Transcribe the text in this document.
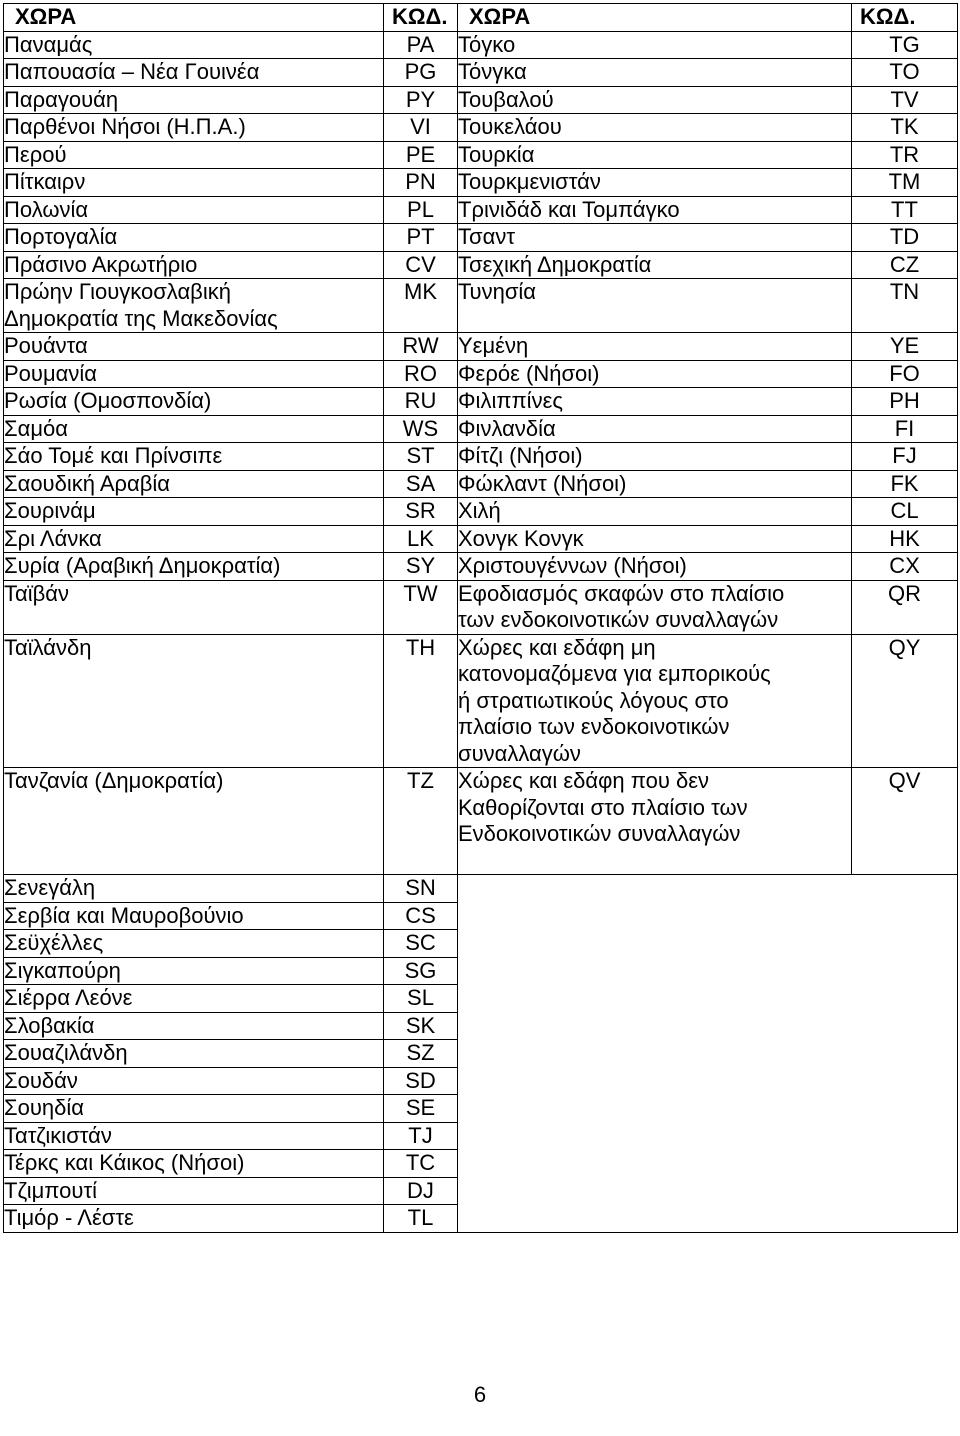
ΧΩΡΑ	ΚΩΔ.	ΧΩΡΑ	ΚΩΔ.
Παναμάς	PA	Τόγκο	TG
Παπουασία – Νέα Γουινέα	PG	Τόνγκα	TO
Παραγουάη	PY	Τουβαλού	TV
Παρθένοι Νήσοι (Η.Π.Α.)	VI	Τουκελάου	TK
Περού	PE	Τουρκία	TR
Πίτκαιρν	PN	Τουρκμενιστάν	TM
Πολωνία	PL	Τρινιδάδ και Τομπάγκο	TT
Πορτογαλία	PT	Τσαντ	TD
Πράσινο Ακρωτήριο	CV	Τσεχική Δημοκρατία	CZ
Πρώην Γιουγκοσλαβική
Δημοκρατία της Μακεδονίας	MK	Τυνησία	TN
Ρουάντα	RW	Υεμένη	YE
Ρουμανία	RO	Φερόε (Νήσοι)	FO
Ρωσία (Ομοσπονδία)	RU	Φιλιππίνες	PH
Σαμόα	WS	Φινλανδία	FI
Σάο Τομέ και Πρίνσιπε	ST	Φίτζι (Νήσοι)	FJ
Σαουδική Αραβία	SA	Φώκλαντ (Νήσοι)	FK
Σουρινάμ	SR	Χιλή	CL
Σρι Λάνκα	LK	Χονγκ Κονγκ	HK
Συρία (Αραβική Δημοκρατία)	SY	Χριστουγέννων (Νήσοι)	CX
Ταϊβάν	TW	Εφοδιασμός σκαφών στο πλαίσιο
των ενδοκοινοτικών συναλλαγών	QR
Ταϊλάνδη	TH	Χώρες και εδάφη μη
κατονομαζόμενα για εμπορικούς
ή στρατιωτικούς λόγους στο
πλαίσιο των ενδοκοινοτικών
συναλλαγών	QY
Τανζανία (Δημοκρατία)	TZ	Χώρες και εδάφη που δεν
Καθορίζονται στο πλαίσιο των
Ενδοκοινοτικών συναλλαγών	QV
Σενεγάλη	SN		
Σερβία και Μαυροβούνιο	CS		
Σεϋχέλλες	SC		
Σιγκαπούρη	SG		
Σιέρρα Λεόνε	SL		
Σλοβακία	SK		
Σουαζιλάνδη	SZ		
Σουδάν	SD		
Σουηδία	SE		
Τατζικιστάν	TJ		
Τέρκς και Κάικος (Νήσοι)	TC		
Τζιμπουτί	DJ		
Τιμόρ - Λέστε	TL		
6
